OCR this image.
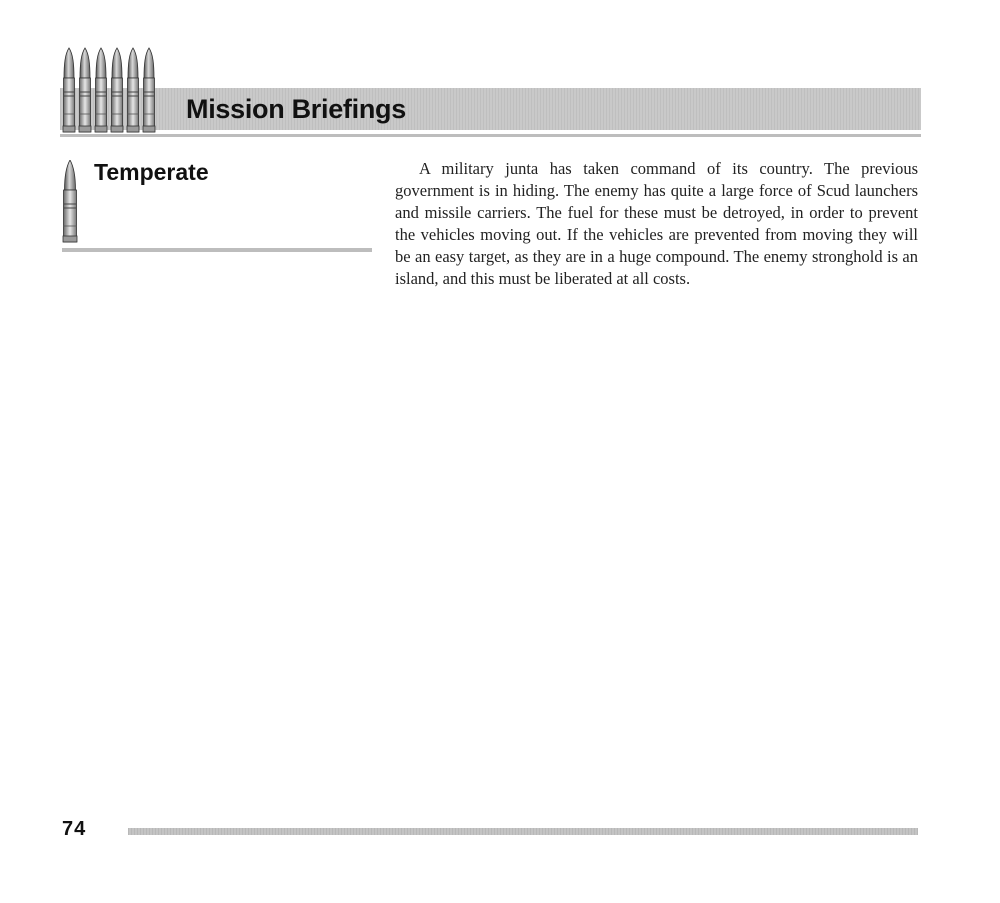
Mission Briefings
Temperate	A military junta has taken command of its country. The previous government is in hiding. The enemy has quite a large force of Scud launchers and missile carriers. The fuel for these must be detroyed, in order to prevent the vehicles moving out. If the vehicles are prevented from moving they will be an easy target, as they are in a huge compound. The enemy stronghold is an island, and this must be liberated at all costs.

74
